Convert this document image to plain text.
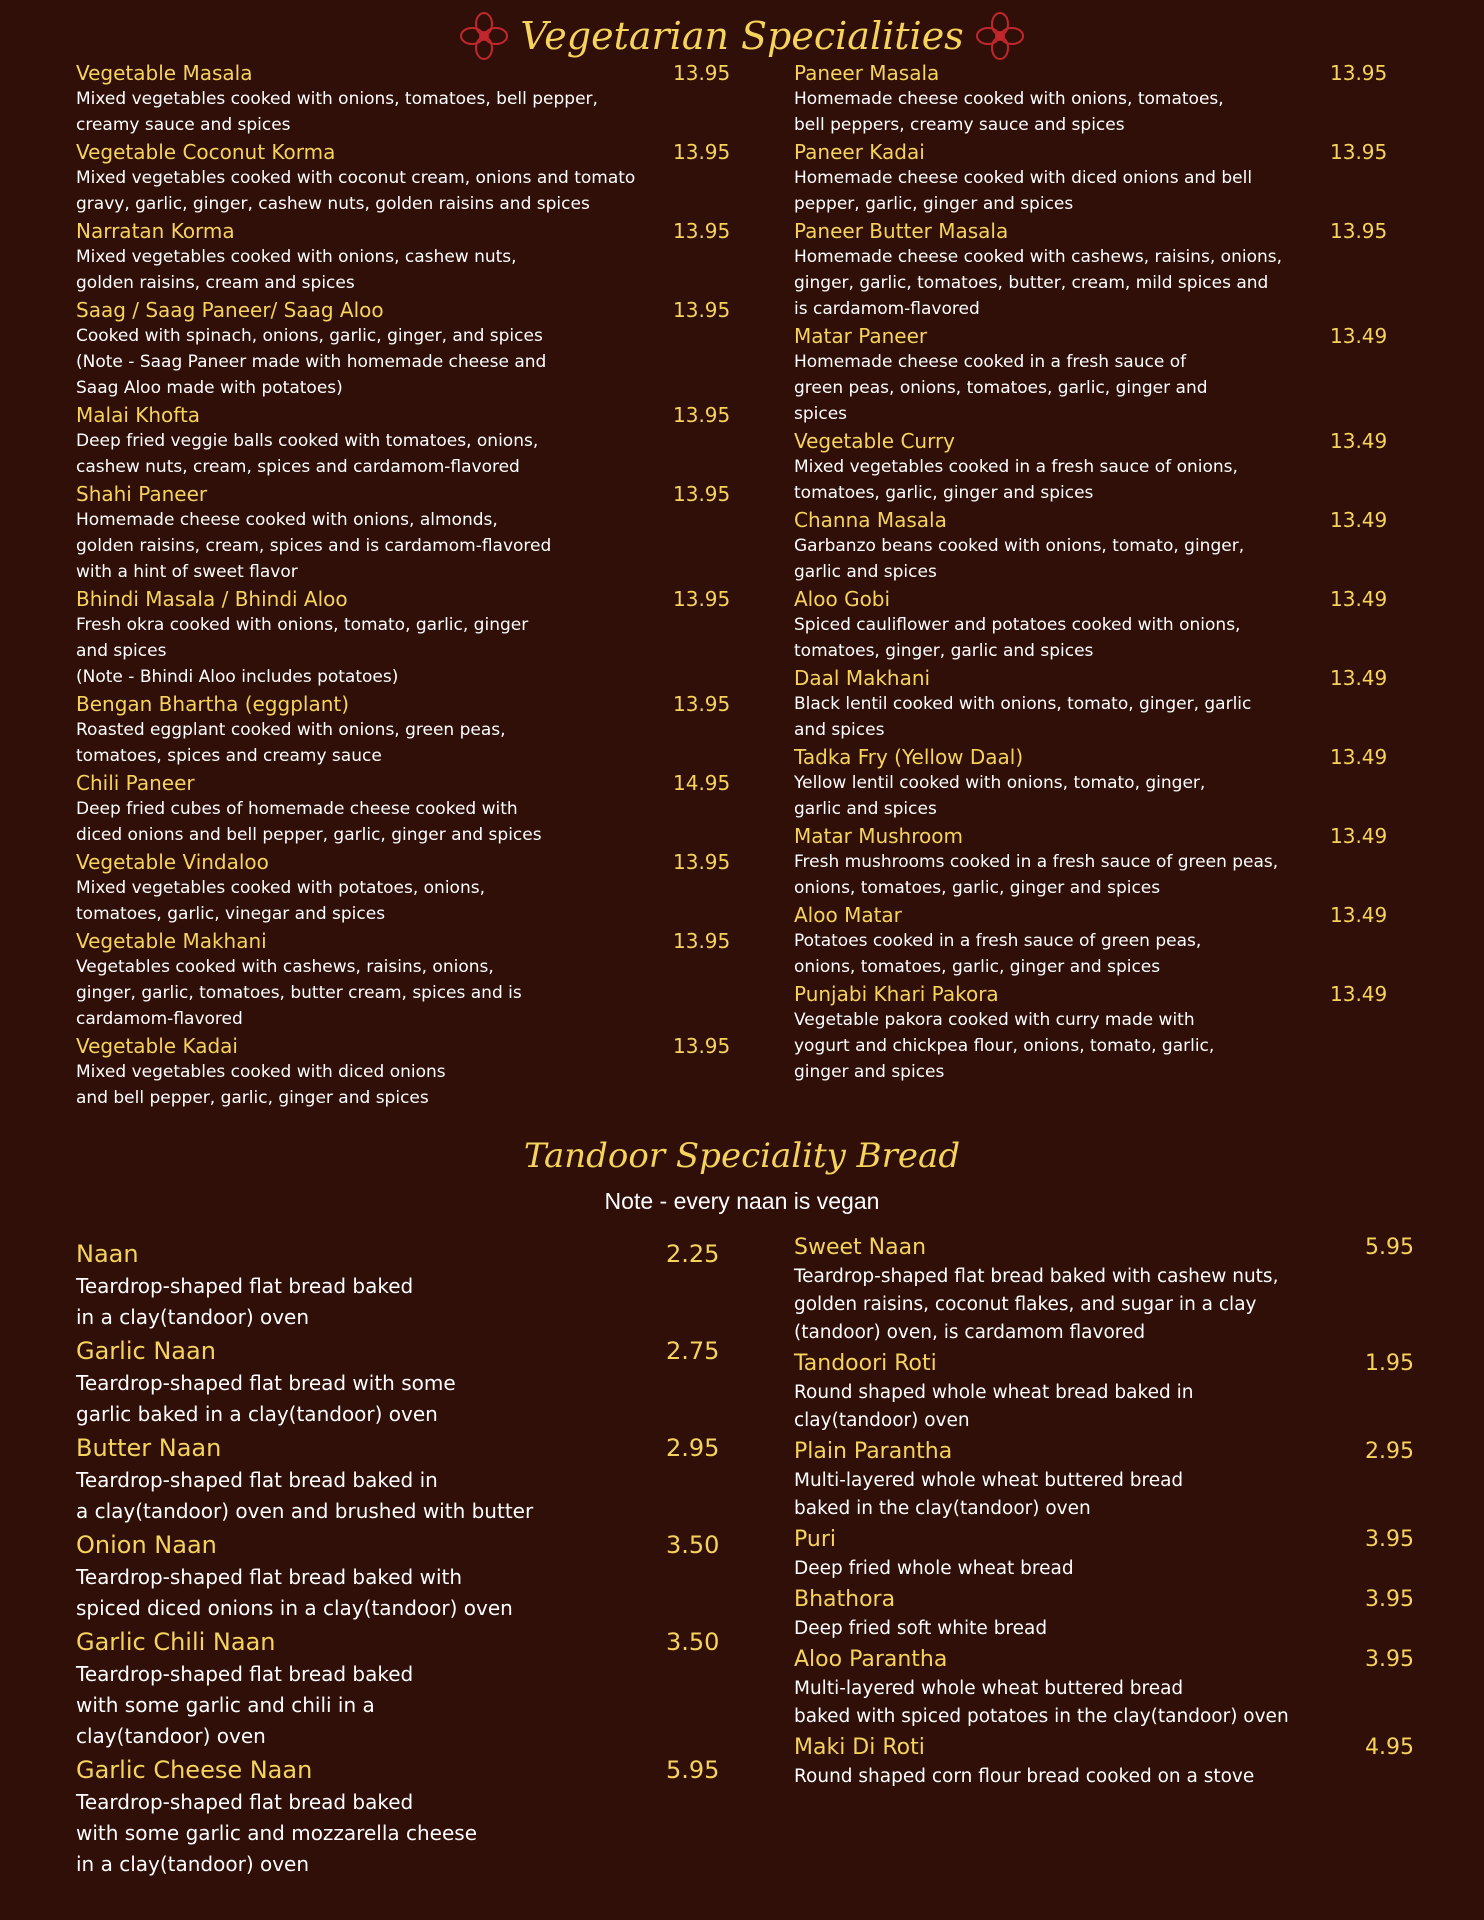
Vegetarian Specialities
Vegetable Masala	13.95
Mixed vegetables cooked with onions, tomatoes, bell pepper,
creamy sauce and spices
Vegetable Coconut Korma	13.95
Mixed vegetables cooked with coconut cream, onions and tomato
gravy, garlic, ginger, cashew nuts, golden raisins and spices
Narratan Korma	13.95
Mixed vegetables cooked with onions, cashew nuts,
golden raisins, cream and spices
Saag / Saag Paneer/ Saag Aloo	13.95
Cooked with spinach, onions, garlic, ginger, and spices
(Note - Saag Paneer made with homemade cheese and
Saag Aloo made with potatoes)
Malai Khofta	13.95
Deep fried veggie balls cooked with tomatoes, onions,
cashew nuts, cream, spices and cardamom-flavored
Shahi Paneer	13.95
Homemade cheese cooked with onions, almonds,
golden raisins, cream, spices and is cardamom-flavored
with a hint of sweet flavor
Bhindi Masala / Bhindi Aloo	13.95
Fresh okra cooked with onions, tomato, garlic, ginger
and spices
(Note - Bhindi Aloo includes potatoes)
Bengan Bhartha (eggplant)	13.95
Roasted eggplant cooked with onions, green peas,
tomatoes, spices and creamy sauce
Chili Paneer	14.95
Deep fried cubes of homemade cheese cooked with
diced onions and bell pepper, garlic, ginger and spices
Vegetable Vindaloo	13.95
Mixed vegetables cooked with potatoes, onions,
tomatoes, garlic, vinegar and spices
Vegetable Makhani	13.95
Vegetables cooked with cashews, raisins, onions,
ginger, garlic, tomatoes, butter cream, spices and is
cardamom-flavored
Vegetable Kadai	13.95
Mixed vegetables cooked with diced onions
and bell pepper, garlic, ginger and spices
Paneer Masala	13.95
Homemade cheese cooked with onions, tomatoes,
bell peppers, creamy sauce and spices
Paneer Kadai	13.95
Homemade cheese cooked with diced onions and bell
pepper, garlic, ginger and spices
Paneer Butter Masala	13.95
Homemade cheese cooked with cashews, raisins, onions,
ginger, garlic, tomatoes, butter, cream, mild spices and
is cardamom-flavored
Matar Paneer	13.49
Homemade cheese cooked in a fresh sauce of
green peas, onions, tomatoes, garlic, ginger and
spices
Vegetable Curry	13.49
Mixed vegetables cooked in a fresh sauce of onions,
tomatoes, garlic, ginger and spices
Channa Masala	13.49
Garbanzo beans cooked with onions, tomato, ginger,
garlic and spices
Aloo Gobi	13.49
Spiced cauliflower and potatoes cooked with onions,
tomatoes, ginger, garlic and spices
Daal Makhani	13.49
Black lentil cooked with onions, tomato, ginger, garlic
and spices
Tadka Fry (Yellow Daal)	13.49
Yellow lentil cooked with onions, tomato, ginger,
garlic and spices
Matar Mushroom	13.49
Fresh mushrooms cooked in a fresh sauce of green peas,
onions, tomatoes, garlic, ginger and spices
Aloo Matar	13.49
Potatoes cooked in a fresh sauce of green peas,
onions, tomatoes, garlic, ginger and spices
Punjabi Khari Pakora	13.49
Vegetable pakora cooked with curry made with
yogurt and chickpea flour, onions, tomato, garlic,
ginger and spices
Tandoor Speciality Bread
Note - every naan is vegan
Naan	2.25
Teardrop-shaped flat bread baked
in a clay(tandoor) oven
Garlic Naan	2.75
Teardrop-shaped flat bread with some
garlic baked in a clay(tandoor) oven
Butter Naan	2.95
Teardrop-shaped flat bread baked in
a clay(tandoor) oven and brushed with butter
Onion Naan	3.50
Teardrop-shaped flat bread baked with
spiced diced onions in a clay(tandoor) oven
Garlic Chili Naan	3.50
Teardrop-shaped flat bread baked
with some garlic and chili in a
clay(tandoor) oven
Garlic Cheese Naan	5.95
Teardrop-shaped flat bread baked
with some garlic and mozzarella cheese
in a clay(tandoor) oven
Sweet Naan	5.95
Teardrop-shaped flat bread baked with cashew nuts,
golden raisins, coconut flakes, and sugar in a clay
(tandoor) oven, is cardamom flavored
Tandoori Roti	1.95
Round shaped whole wheat bread baked in
clay(tandoor) oven
Plain Parantha	2.95
Multi-layered whole wheat buttered bread
baked in the clay(tandoor) oven
Puri	3.95
Deep fried whole wheat bread
Bhathora	3.95
Deep fried soft white bread
Aloo Parantha	3.95
Multi-layered whole wheat buttered bread
baked with spiced potatoes in the clay(tandoor) oven
Maki Di Roti	4.95
Round shaped corn flour bread cooked on a stove
